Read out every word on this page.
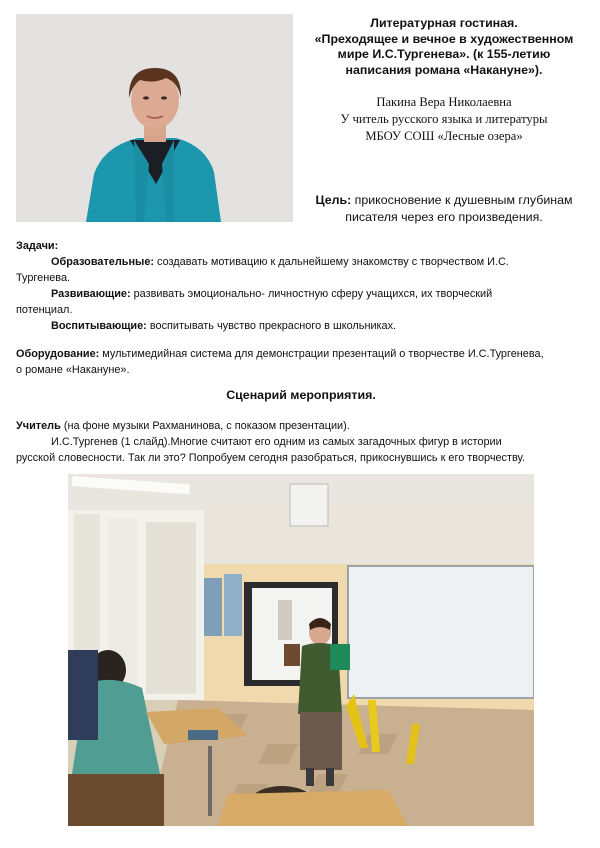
Литературная гостиная.
«Преходящее и вечное в художественном
мире И.С.Тургенева». (к 155-летию
написания романа «Накануне»).
Пакина Вера Николаевна
У читель русского языка и литературы
МБОУ СОШ «Лесные озера»
Цель: прикосновение к душевным глубинам писателя через его произведения.
Задачи:
Образовательные: создавать мотивацию к дальнейшему знакомству с творчеством И.С.
Тургенева.
Развивающие: развивать эмоционально- личностную сферу учащихся, их творческий
потенциал.
Воспитывающие: воспитывать чувство прекрасного в школьниках.
Оборудование: мультимедийная система для демонстрации презентаций о творчестве И.С.Тургенева,
о романе «Накануне».
Сценарий мероприятия.
Учитель (на фоне музыки Рахманинова, с показом презентации).
И.С.Тургенев (1 слайд).Многие считают его одним из самых загадочных фигур в истории
русской словесности. Так ли это? Попробуем сегодня разобраться, прикоснувшись к его творчеству.
